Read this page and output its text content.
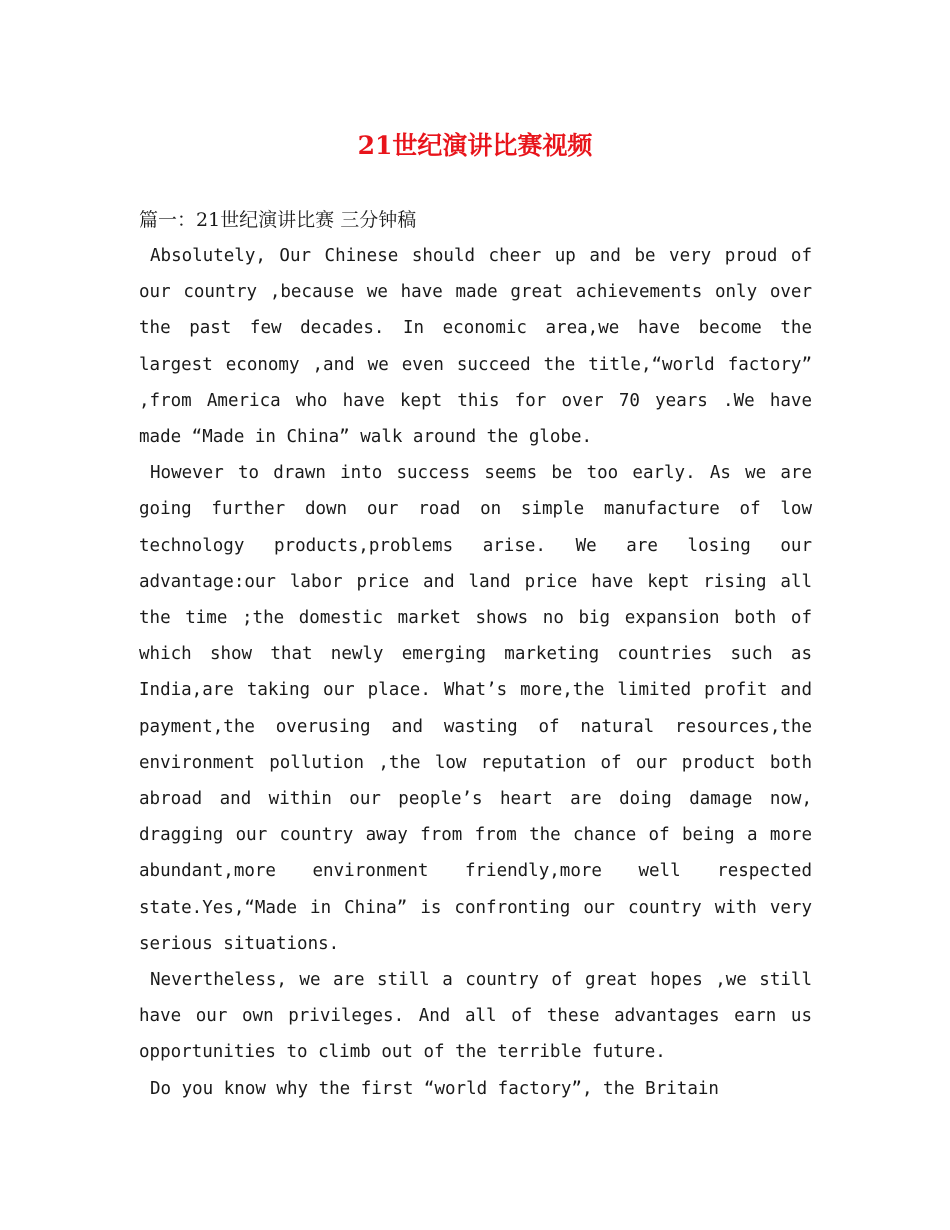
21世纪演讲比赛视频

篇一：21世纪演讲比赛 三分钟稿

Absolutely, Our Chinese should cheer up and be very proud of our country ,because we have made great achievements only over the past few decades. In economic area,we have become the largest economy ,and we even succeed the title,“world factory” ,from America who have kept this for over 70 years .We have made “Made in China” walk around the globe.

However to drawn into success seems be too early. As we are going further down our road on simple manufacture of low technology products,problems arise. We are losing our advantage:our labor price and land price have kept rising all the time ;the domestic market shows no big expansion both of which show that newly emerging marketing countries such as India,are taking our place. What’s more,the limited profit and payment,the overusing and wasting of natural resources,the environment pollution ,the low reputation of our product both abroad and within our people’s heart are doing damage now, dragging our country away from from the chance of being a more abundant,more environment friendly,more well respected state.Yes,“Made in China” is confronting our country with very serious situations.

Nevertheless, we are still a country of great hopes ,we still have our own privileges. And all of these advantages earn us opportunities to climb out of the terrible future.

Do you know why the first “world factory”, the Britain
